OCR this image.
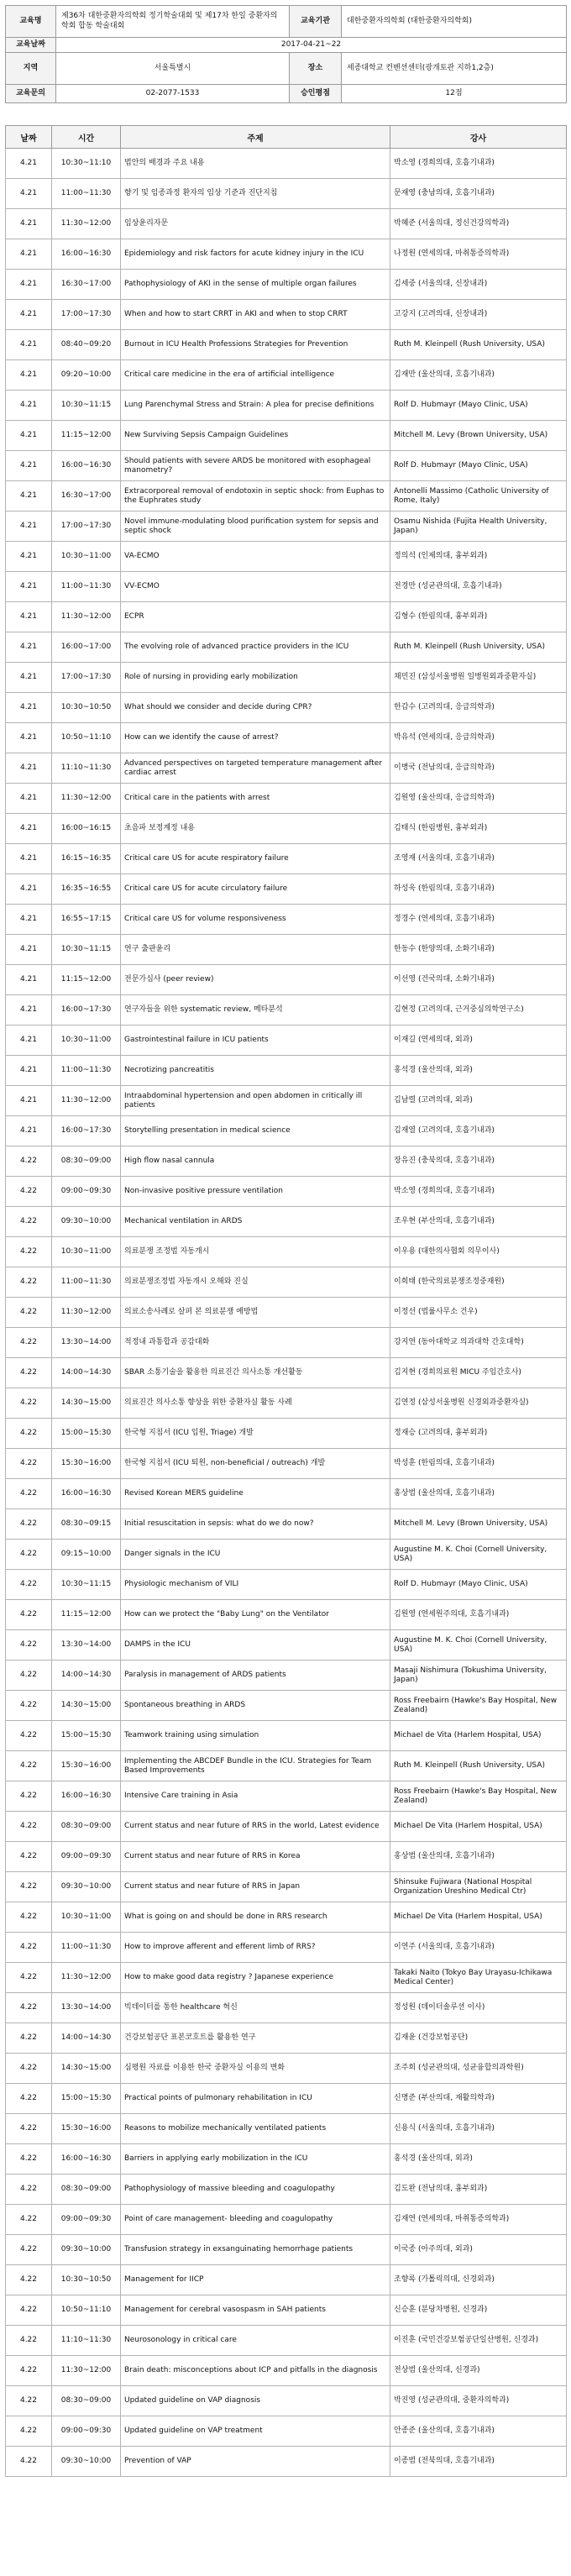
교육명	제36차 대한중환자의학회 정기학술대회 및 제17차 한일 중환자의학회 합동 학술대회	교육기관	대한중환자의학회 (대한중환자의학회)
교육날짜	2017-04-21~22		
지역	서울특별시	장소	세종대학교 컨벤션센터(광개토관 지하1,2층)
교육문의	02-2077-1533	승인평점	12점
날짜	시간	주제	강사
4.21	10:30~11:10	법안의 배경과 주요 내용	박소영 (경희의대, 호흡기내과)
4.21	11:00~11:30	향기 및 임종과정 환자의 임상 기준과 진단지침	문재영 (충남의대, 호흡기내과)
4.21	11:30~12:00	임상윤리자문	박혜준 (서울의대, 정신건강의학과)
4.21	16:00~16:30	Epidemiology and risk factors for acute kidney injury in the ICU	나정원 (연세의대, 마취통증의학과)
4.21	16:30~17:00	Pathophysiology of AKI in the sense of multiple organ failures	김세중 (서울의대, 신장내과)
4.21	17:00~17:30	When and how to start CRRT in AKI and when to stop CRRT	고강지 (고려의대, 신장내과)
4.21	08:40~09:20	Burnout in ICU Health Professions Strategies for Prevention	Ruth M. Kleinpell (Rush University, USA)
4.21	09:20~10:00	Critical care medicine in the era of artificial intelligence	김재만 (울산의대, 호흡기내과)
4.21	10:30~11:15	Lung Parenchymal Stress and Strain: A plea for precise definitions	Rolf D. Hubmayr (Mayo Clinic, USA)
4.21	11:15~12:00	New Surviving Sepsis Campaign Guidelines	Mitchell M. Levy (Brown University, USA)
4.21	16:00~16:30	Should patients with severe ARDS be monitored with esophageal manometry?	Rolf D. Hubmayr (Mayo Clinic, USA)
4.21	16:30~17:00	Extracorporeal removal of endotoxin in septic shock: from Euphas to the Euphrates study	Antonelli Massimo (Catholic University of Rome, Italy)
4.21	17:00~17:30	Novel immune-modulating blood purification system for sepsis and septic shock	Osamu Nishida (Fujita Health University, Japan)
4.21	10:30~11:00	VA-ECMO	정의석 (인제의대, 흉부외과)
4.21	11:00~11:30	VV-ECMO	전경만 (성균관의대, 호흡기내과)
4.21	11:30~12:00	ECPR	김형수 (한림의대, 흉부외과)
4.21	16:00~17:00	The evolving role of advanced practice providers in the ICU	Ruth M. Kleinpell (Rush University, USA)
4.21	17:00~17:30	Role of nursing in providing early mobilization	채민진 (삼성서울병원 일병원외과중환자실)
4.21	10:30~10:50	What should we consider and decide during CPR?	한갑수 (고려의대, 응급의학과)
4.21	10:50~11:10	How can we identify the cause of arrest?	박유석 (연세의대, 응급의학과)
4.21	11:10~11:30	Advanced perspectives on targeted temperature management after cardiac arrest	이병국 (전남의대, 응급의학과)
4.21	11:30~12:00	Critical care in the patients with arrest	김원영 (울산의대, 응급의학과)
4.21	16:00~16:15	초음파 보정계정 내용	김태식 (한림병원, 흉부외과)
4.21	16:15~16:35	Critical care US for acute respiratory failure	조영재 (서울의대, 호흡기내과)
4.21	16:35~16:55	Critical care US for acute circulatory failure	하성욱 (한림의대, 호흡기내과)
4.21	16:55~17:15	Critical care US for volume responsiveness	정경수 (연세의대, 호흡기내과)
4.21	10:30~11:15	연구 출판윤리	한동수 (한양의대, 소화기내과)
4.21	11:15~12:00	전문가심사 (peer review)	이선영 (건국의대, 소화기내과)
4.21	16:00~17:30	연구자들을 위한 systematic review, 메타분석	김현정 (고려의대, 근거중심의학연구소)
4.21	10:30~11:00	Gastrointestinal failure in ICU patients	이재길 (연세의대, 외과)
4.21	11:00~11:30	Necrotizing pancreatitis	홍석경 (울산의대, 외과)
4.21	11:30~12:00	Intraabdominal hypertension and open abdomen in critically ill patients	김남렬 (고려의대, 외과)
4.21	16:00~17:30	Storytelling presentation in medical science	김재열 (고려의대, 호흡기내과)
4.22	08:30~09:00	High flow nasal cannula	장유진 (충북의대, 호흡기내과)
4.22	09:00~09:30	Non-invasive positive pressure ventilation	박소영 (경희의대, 호흡기내과)
4.22	09:30~10:00	Mechanical ventilation in ARDS	조우현 (부산의대, 호흡기내과)
4.22	10:30~11:00	의료분쟁 조정법 자동개시	이우용 (대한의사협회 의무이사)
4.22	11:00~11:30	의료분쟁조정법 자동개시 오해와 진실	이희태 (한국의료분쟁조정중재원)
4.22	11:30~12:00	의료소송사례로 살펴 본 의료분쟁 예방법	이정선 (법률사무소 건우)
4.22	13:30~14:00	적정내 과통합과 공감대화	강지연 (동아대학교 의과대학 간호대학)
4.22	14:00~14:30	SBAR 소통기술을 활용한 의료진간 의사소통 개선활동	김지현 (경희의료원 MICU 주임간호사)
4.22	14:30~15:00	의료진간 의사소통 향상을 위한 중환자실 활동 사례	김연정 (삼성서울병원 신경외과중환자실)
4.22	15:00~15:30	한국형 지침서 (ICU 입원, Triage) 개발	정재승 (고려의대, 흉부외과)
4.22	15:30~16:00	한국형 지침서 (ICU 퇴원, non-beneficial / outreach) 개발	박성훈 (한림의대, 호흡기내과)
4.22	16:00~16:30	Revised Korean MERS guideline	홍상범 (울산의대, 호흡기내과)
4.22	08:30~09:15	Initial resuscitation in sepsis: what do we do now?	Mitchell M. Levy (Brown University, USA)
4.22	09:15~10:00	Danger signals in the ICU	Augustine M. K. Choi (Cornell University, USA)
4.22	10:30~11:15	Physiologic mechanism of VILI	Rolf D. Hubmayr (Mayo Clinic, USA)
4.22	11:15~12:00	How can we protect the "Baby Lung" on the Ventilator	김원영 (연세원주의대, 호흡기내과)
4.22	13:30~14:00	DAMPS in the ICU	Augustine M. K. Choi (Cornell University, USA)
4.22	14:00~14:30	Paralysis in management of ARDS patients	Masaji Nishimura (Tokushima University, Japan)
4.22	14:30~15:00	Spontaneous breathing in ARDS	Ross Freebairn (Hawke's Bay Hospital, New Zealand)
4.22	15:00~15:30	Teamwork training using simulation	Michael de Vita (Harlem Hospital, USA)
4.22	15:30~16:00	Implementing the ABCDEF Bundle in the ICU. Strategies for Team Based Improvements	Ruth M. Kleinpell (Rush University, USA)
4.22	16:00~16:30	Intensive Care training in Asia	Ross Freebairn (Hawke's Bay Hospital, New Zealand)
4.22	08:30~09:00	Current status and near future of RRS in the world, Latest evidence	Michael De Vita (Harlem Hospital, USA)
4.22	09:00~09:30	Current status and near future of RRS in Korea	홍상범 (울산의대, 호흡기내과)
4.22	09:30~10:00	Current status and near future of RRS in Japan	Shinsuke Fujiwara (National Hospital Organization Ureshino Medical Ctr)
4.22	10:30~11:00	What is going on and should be done in RRS research	Michael De Vita (Harlem Hospital, USA)
4.22	11:00~11:30	How to improve afferent and efferent limb of RRS?	이연주 (서울의대, 호흡기내과)
4.22	11:30~12:00	How to make good data registry ? Japanese experience	Takaki Naito (Tokyo Bay Urayasu-Ichikawa Medical Center)
4.22	13:30~14:00	빅데이터를 통한 healthcare 혁신	정성원 (데이터솔루션 이사)
4.22	14:00~14:30	건강보험공단 표본코호트를 활용한 연구	김재윤 (건강보험공단)
4.22	14:30~15:00	심평원 자료를 이용한 한국 중환자실 이용의 변화	조주희 (성균관의대, 성균융합의과학원)
4.22	15:00~15:30	Practical points of pulmonary rehabilitation in ICU	신명준 (부산의대, 재활의학과)
4.22	15:30~16:00	Reasons to mobilize mechanically ventilated patients	신용식 (서울의대, 호흡기내과)
4.22	16:00~16:30	Barriers in applying early mobilization in the ICU	홍석경 (울산의대, 외과)
4.22	08:30~09:00	Pathophysiology of massive bleeding and coagulopathy	김도완 (전남의대, 흉부외과)
4.22	09:00~09:30	Point of care management- bleeding and coagulopathy	김재연 (연세의대, 마취통증의학과)
4.22	09:30~10:00	Transfusion strategy in exsanguinating hemorrhage patients	이국종 (아주의대, 외과)
4.22	10:30~10:50	Management for IICP	조향록 (가톨릭의대, 신경외과)
4.22	10:50~11:10	Management for cerebral vasospasm in SAH patients	신승훈 (분당차병원, 신경과)
4.22	11:10~11:30	Neurosonology in critical care	이진훈 (국민건강보험공단일산병원, 신경과)
4.22	11:30~12:00	Brain death: misconceptions about ICP and pitfalls in the diagnosis	전상범 (울산의대, 신경과)
4.22	08:30~09:00	Updated guideline on VAP diagnosis	박진영 (성균관의대, 중환자의학과)
4.22	09:00~09:30	Updated guideline on VAP treatment	안종준 (울산의대, 호흡기내과)
4.22	09:30~10:00	Prevention of VAP	이종범 (전북의대, 호흡기내과)
